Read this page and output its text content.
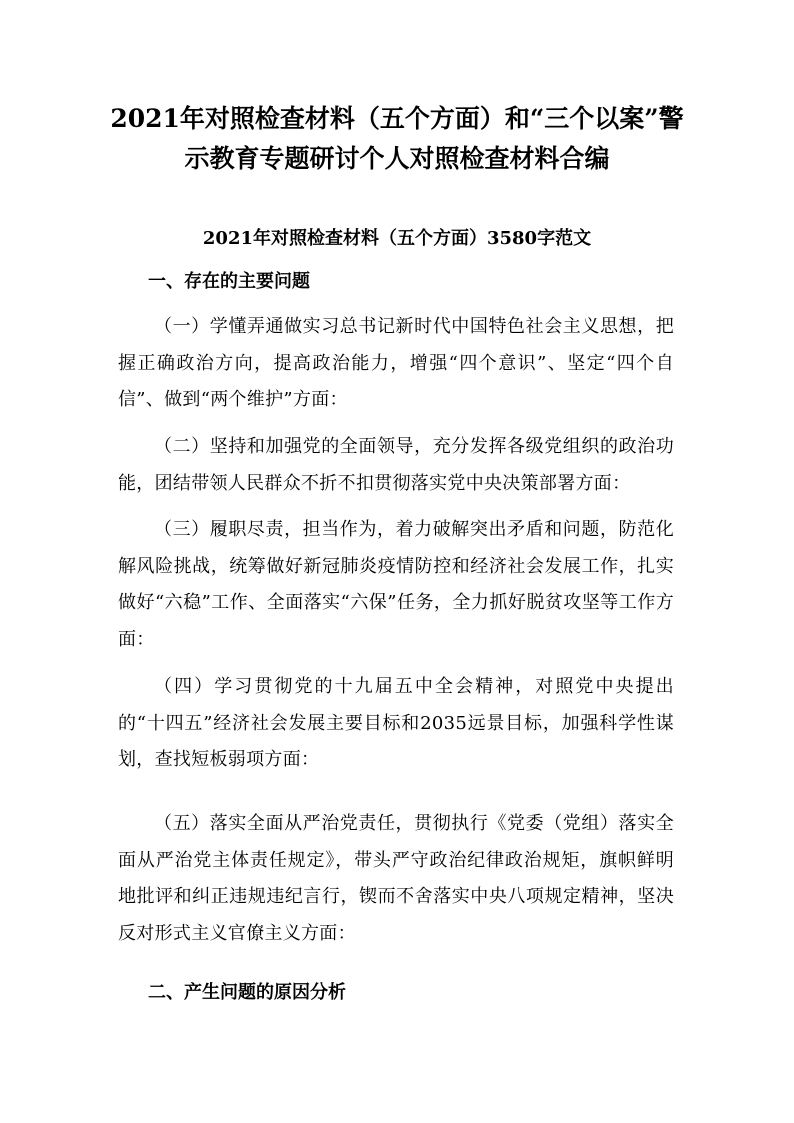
2021年对照检查材料（五个方面）和“三个以案”警
示教育专题研讨个人对照检查材料合编
2021年对照检查材料（五个方面）3580字范文
一、存在的主要问题

（一）学懂弄通做实习总书记新时代中国特色社会主义思想，把握正确政治方向，提高政治能力，增强“四个意识”、坚定“四个自信”、做到“两个维护”方面：

（二）坚持和加强党的全面领导，充分发挥各级党组织的政治功能，团结带领人民群众不折不扣贯彻落实党中央决策部署方面：

（三）履职尽责，担当作为，着力破解突出矛盾和问题，防范化解风险挑战，统筹做好新冠肺炎疫情防控和经济社会发展工作，扎实做好“六稳”工作、全面落实“六保”任务，全力抓好脱贫攻坚等工作方面：

（四）学习贯彻党的十九届五中全会精神，对照党中央提出的“十四五”经济社会发展主要目标和2035远景目标，加强科学性谋划，查找短板弱项方面：

（五）落实全面从严治党责任，贯彻执行《党委（党组）落实全面从严治党主体责任规定》，带头严守政治纪律政治规矩，旗帜鲜明地批评和纠正违规违纪言行，锲而不舍落实中央八项规定精神，坚决反对形式主义官僚主义方面：

二、产生问题的原因分析
